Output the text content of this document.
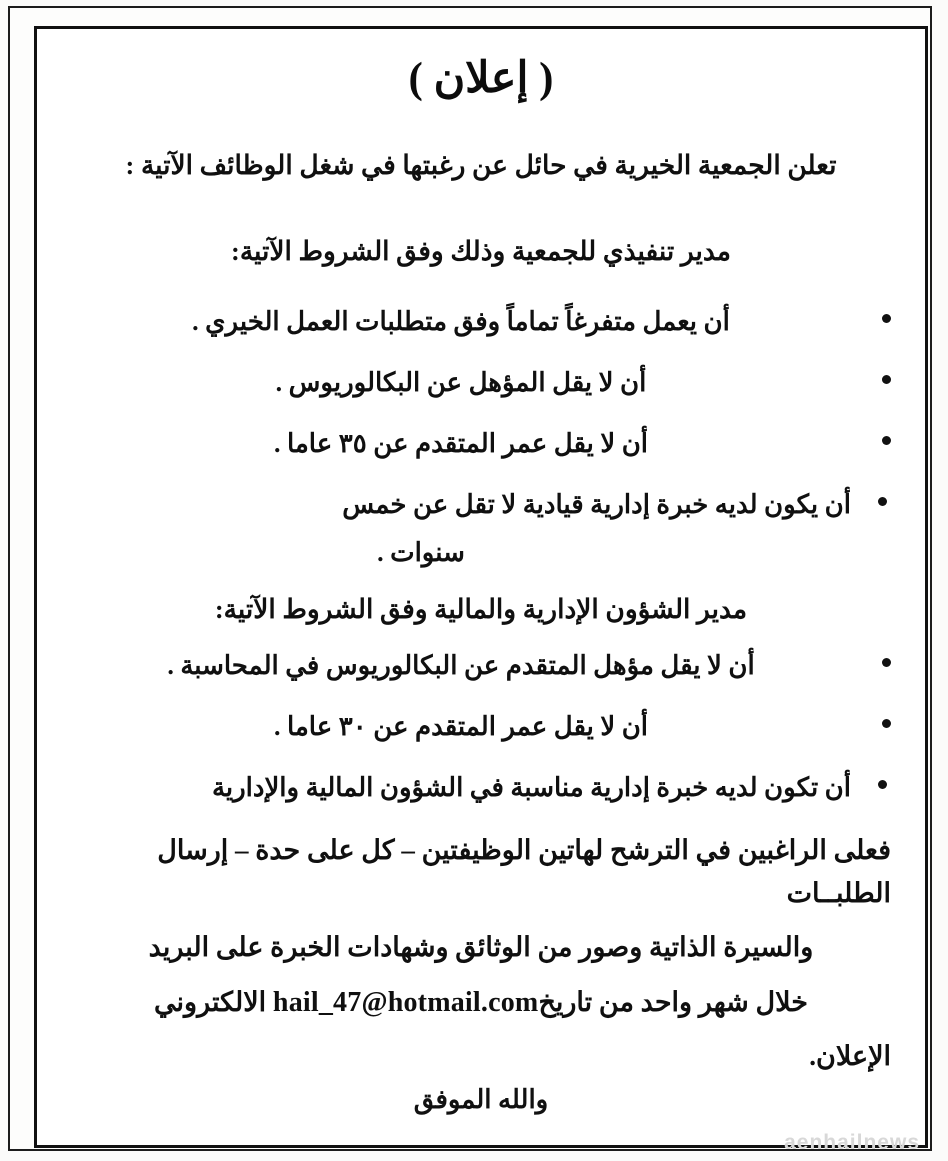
( إعلان )

تعلن الجمعية الخيرية في حائل عن رغبتها في شغل الوظائف الآتية :

مدير تنفيذي للجمعية وذلك وفق الشروط الآتية:

أن يعمل متفرغاً تماماً وفق متطلبات العمل الخيري .
أن لا يقل المؤهل عن البكالوريوس .
أن لا يقل عمر المتقدم عن ٣٥ عاما .
أن يكون لديه خبرة إدارية قيادية لا تقل عن خمس

سنوات .

مدير الشؤون الإدارية والمالية وفق الشروط الآتية:

أن لا يقل مؤهل المتقدم عن البكالوريوس في المحاسبة .
أن لا يقل عمر المتقدم عن ٣٠ عاما .
أن تكون لديه خبرة إدارية مناسبة في الشؤون المالية والإدارية

فعلى الراغبين في الترشح لهاتين الوظيفتين – كل على حدة – إرسال الطلبــات

والسيرة الذاتية وصور من الوثائق وشهادات الخبرة على البريد

خلال شهر واحد من تاريخhail_47@hotmail.com الالكتروني

الإعلان.

والله الموفق
aenhailnews
